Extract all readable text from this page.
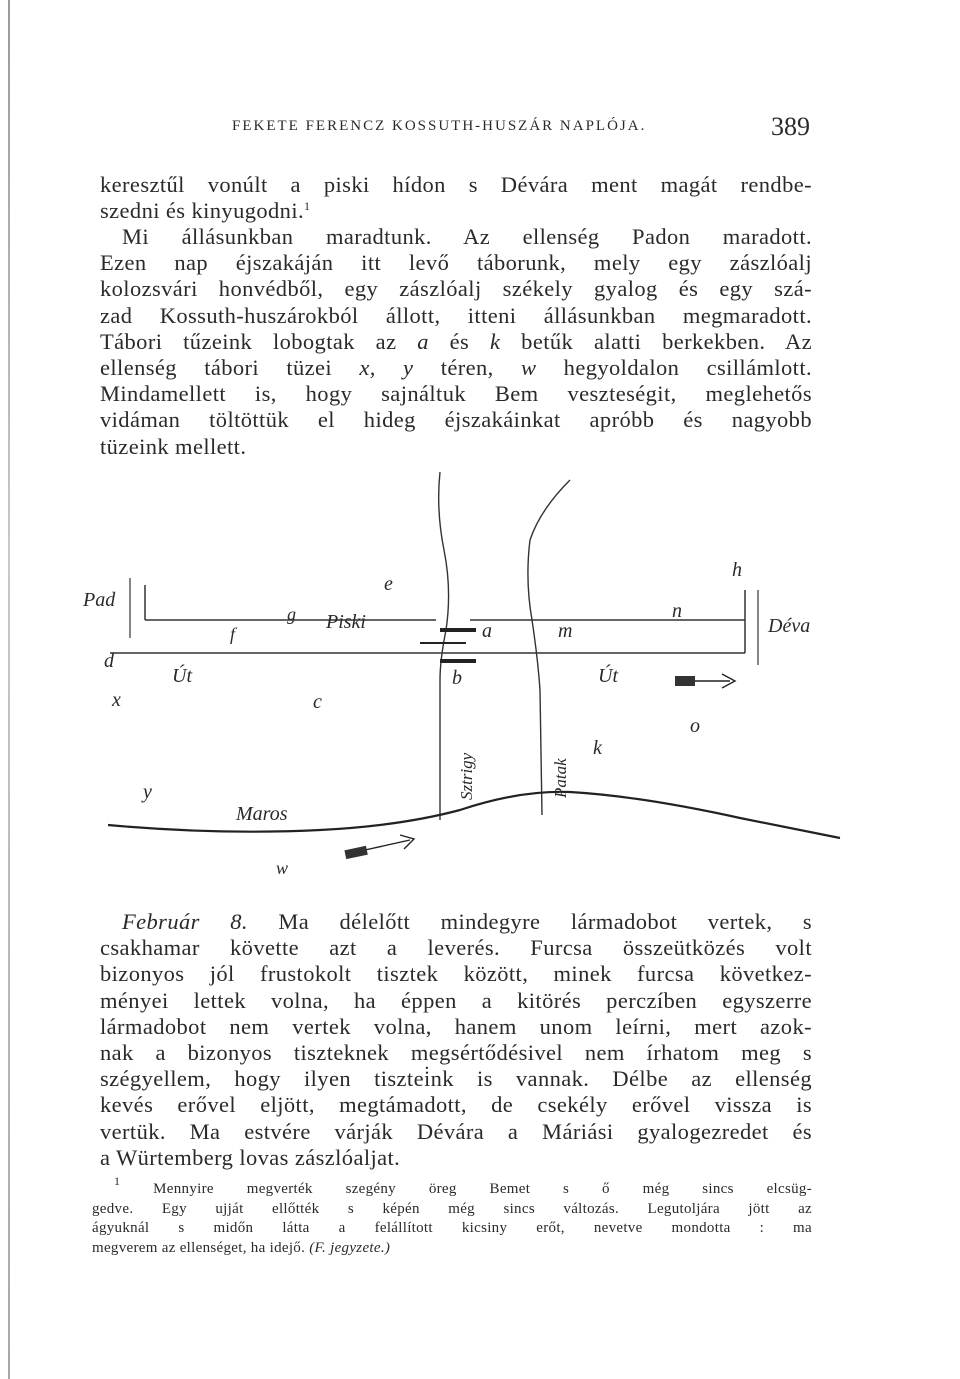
FEKETE FERENCZ KOSSUTH-HUSZÁR NAPLÓJA.	389

keresztűl vonúlt a piski hídon s Dévára ment magát rendbe-
szedni és kinyugodni.$^1$

Mi állásunkban maradtunk. Az ellenség Padon maradott.
Ezen nap éjszakáján itt levő táborunk, mely egy zászlóalj
kolozsvári honvédből, egy zászlóalj székely gyalog és egy szá-
zad Kossuth-huszárokból állott, itteni állásunkban megmaradott.
Tábori tűzeink lobogtak az a és k betűk alatti berkekben. Az
ellenség tábori tüzei x, y téren, w hegyoldalon csillámlott.
Mindamellett is, hogy sajnáltuk Bem veszteségit, meglehetős
vidáman töltöttük el hideg éjszakáinkat apróbb és nagyobb
tüzeink mellett.

Pad
d
x
y
f
g
e
Piski	a	m
n
h
Déva
Út
c
b	Út
o
k
Sztrigy	Patak
Maros
w

Február 8. Ma délelőtt mindegyre lármadobot vertek, s
csakhamar követte azt a leverés. Furcsa összeütközés volt
bizonyos jól frustokolt tisztek között, minek furcsa következ-
ményei lettek volna, ha éppen a kitörés perczíben egyszerre
lármadobot nem vertek volna, hanem unom leírni, mert azok-
nak a bizonyos tiszteknek megsértődésivel nem írhatom meg s
szégyellem, hogy ilyen tisztei̇nk is vannak. Délbe az ellenség
kevés erővel eljött, megtámadott, de csekély erővel vissza is
vertük. Ma estvére várják Dévára a Máriási gyalogezredet és
a Würtemberg lovas zászlóaljat.

$^1$ Mennyire megverték szegény öreg Bemet s ő még sincs elcsüg-
gedve. Egy ujját ellőtték s képén még sincs változás. Legutoljára jött az
ágyuknál s midőn látta a felállított kicsiny erőt, nevetve mondotta : ma
megverem az ellenséget, ha idejő. (F. jegyzete.)
